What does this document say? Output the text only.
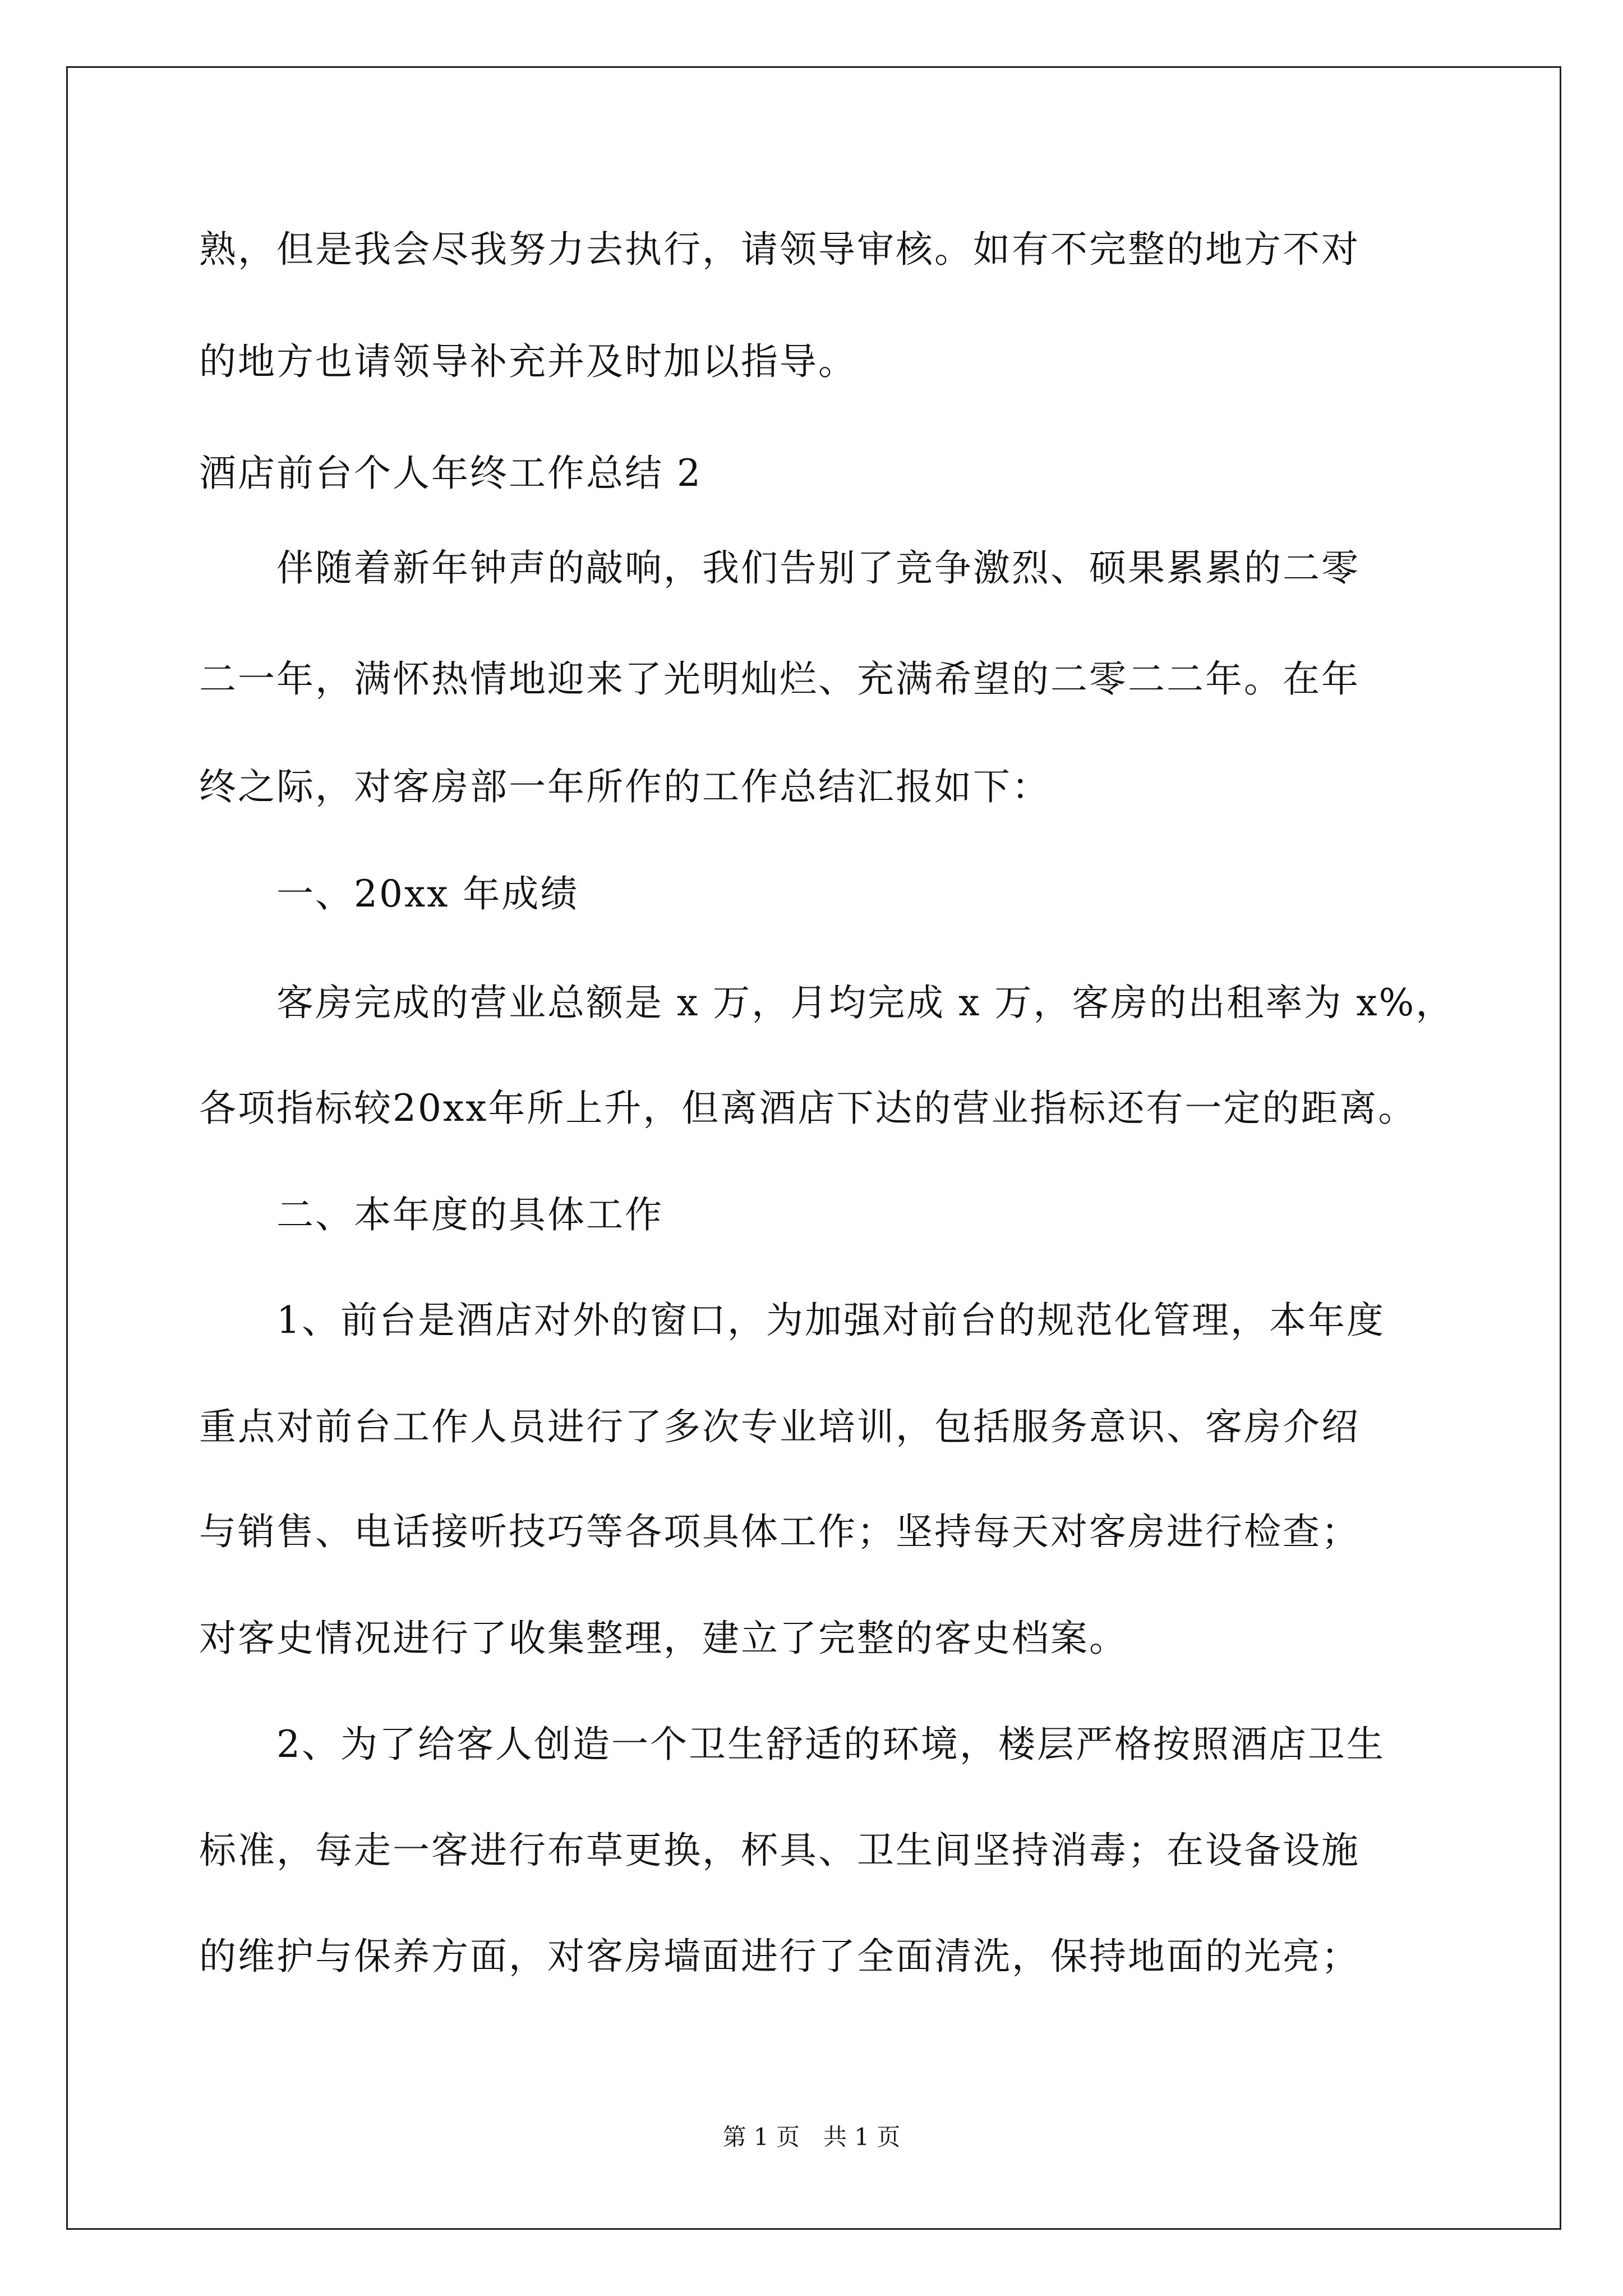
熟，但是我会尽我努力去执行，请领导审核。如有不完整的地方不对
的地方也请领导补充并及时加以指导。
酒店前台个人年终工作总结 2
　　伴随着新年钟声的敲响，我们告别了竞争激烈、硕果累累的二零
二一年，满怀热情地迎来了光明灿烂、充满希望的二零二二年。在年
终之际，对客房部一年所作的工作总结汇报如下：
　　一、20xx 年成绩
　　客房完成的营业总额是 x 万，月均完成 x 万，客房的出租率为 x%，
各项指标较20xx年所上升，但离酒店下达的营业指标还有一定的距离。
　　二、本年度的具体工作
　　1、前台是酒店对外的窗口，为加强对前台的规范化管理，本年度
重点对前台工作人员进行了多次专业培训，包括服务意识、客房介绍
与销售、电话接听技巧等各项具体工作；坚持每天对客房进行检查；
对客史情况进行了收集整理，建立了完整的客史档案。
　　2、为了给客人创造一个卫生舒适的环境，楼层严格按照酒店卫生
标准，每走一客进行布草更换，杯具、卫生间坚持消毒；在设备设施
的维护与保养方面，对客房墙面进行了全面清洗，保持地面的光亮；
第 1 页　共 1 页
